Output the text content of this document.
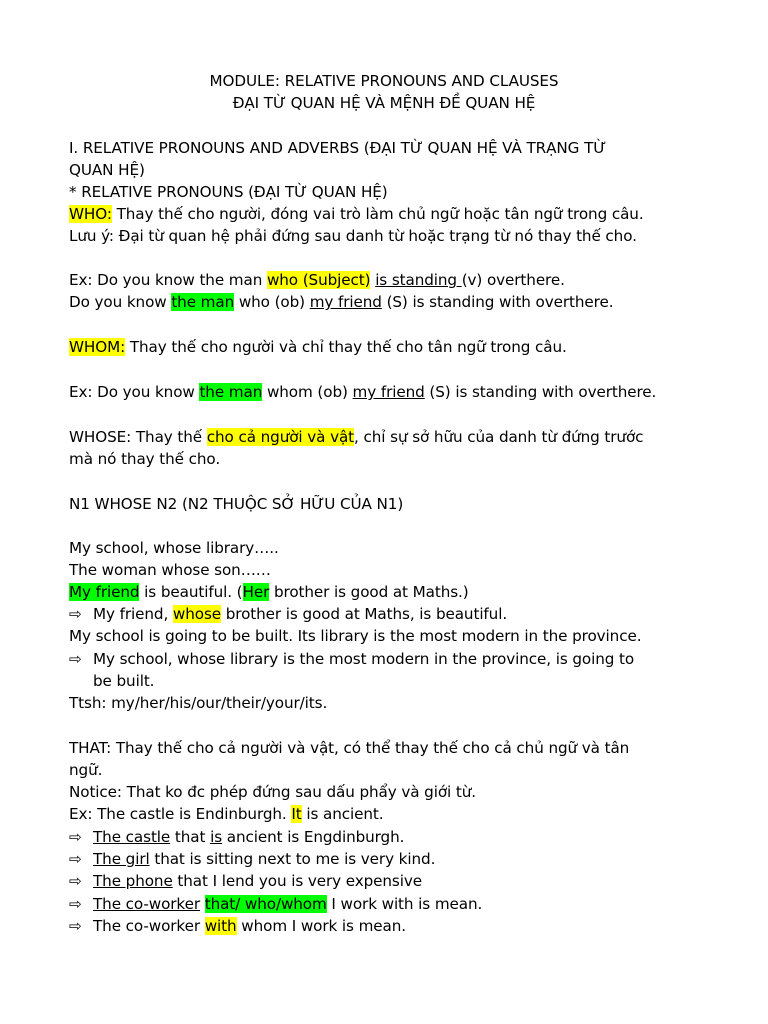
MODULE: RELATIVE PRONOUNS AND CLAUSES
ĐẠI TỪ QUAN HỆ VÀ MỆNH ĐỀ QUAN HỆ
I. RELATIVE PRONOUNS AND ADVERBS (ĐẠI TỪ QUAN HỆ VÀ TRẠNG TỪ
QUAN HỆ)
* RELATIVE PRONOUNS (ĐẠI TỪ QUAN HỆ)
WHO: Thay thế cho người, đóng vai trò làm chủ ngữ hoặc tân ngữ trong câu.
Lưu ý: Đại từ quan hệ phải đứng sau danh từ hoặc trạng từ nó thay thế cho.
Ex: Do you know the man who (Subject) is standing (v) overthere.
Do you know the man who (ob) my friend (S) is standing with overthere.
WHOM: Thay thế cho người và chỉ thay thế cho tân ngữ trong câu.
Ex: Do you know the man whom (ob) my friend (S) is standing with overthere.
WHOSE: Thay thế cho cả người và vật, chỉ sự sở hữu của danh từ đứng trước
mà nó thay thế cho.
N1 WHOSE N2 (N2 THUỘC SỞ HỮU CỦA N1)
My school, whose library…..
The woman whose son……
My friend is beautiful. (Her brother is good at Maths.)
⇨ My friend, whose brother is good at Maths, is beautiful.
My school is going to be built. Its library is the most modern in the province.
⇨ My school, whose library is the most modern in the province, is going to
be built.
Ttsh: my/her/his/our/their/your/its.
THAT: Thay thế cho cả người và vật, có thể thay thế cho cả chủ ngữ và tân
ngữ.
Notice: That ko đc phép đứng sau dấu phẩy và giới từ.
Ex: The castle is Endinburgh. It is ancient.
⇨ The castle that is ancient is Engdinburgh.
⇨ The girl that is sitting next to me is very kind.
⇨ The phone that I lend you is very expensive
⇨ The co-worker that/ who/whom I work with is mean.
⇨ The co-worker with whom I work is mean.
